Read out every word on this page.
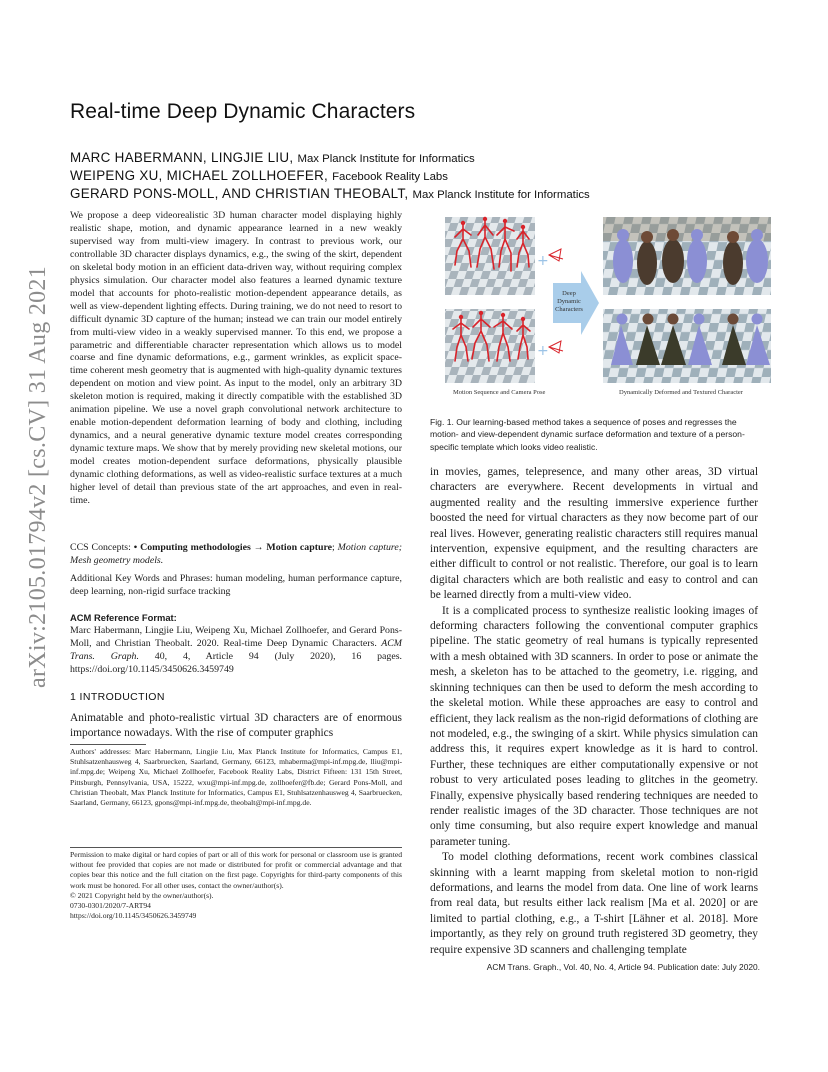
arXiv:2105.01794v2 [cs.CV] 31 Aug 2021
Real-time Deep Dynamic Characters
MARC HABERMANN, LINGJIE LIU, Max Planck Institute for Informatics
WEIPENG XU, MICHAEL ZOLLHOEFER, Facebook Reality Labs
GERARD PONS-MOLL, AND CHRISTIAN THEOBALT, Max Planck Institute for Informatics

We propose a deep videorealistic 3D human character model displaying highly realistic shape, motion, and dynamic appearance learned in a new weakly supervised way from multi-view imagery. In contrast to previous work, our controllable 3D character displays dynamics, e.g., the swing of the skirt, dependent on skeletal body motion in an efficient data-driven way, without requiring complex physics simulation. Our character model also features a learned dynamic texture model that accounts for photo-realistic motion-dependent appearance details, as well as view-dependent lighting effects. During training, we do not need to resort to difficult dynamic 3D capture of the human; instead we can train our model entirely from multi-view video in a weakly supervised manner. To this end, we propose a parametric and differentiable character representation which allows us to model coarse and fine dynamic deformations, e.g., garment wrinkles, as explicit space-time coherent mesh geometry that is augmented with high-quality dynamic textures dependent on motion and view point. As input to the model, only an arbitrary 3D skeleton motion is required, making it directly compatible with the established 3D animation pipeline. We use a novel graph convolutional network architecture to enable motion-dependent deformation learning of body and clothing, including dynamics, and a neural generative dynamic texture model creates corresponding dynamic texture maps. We show that by merely providing new skeletal motions, our model creates motion-dependent surface deformations, physically plausible dynamic clothing deformations, as well as video-realistic surface textures at a much higher level of detail than previous state of the art approaches, and even in real-time.

CCS Concepts: • Computing methodologies → Motion capture; Motion capture; Mesh geometry models.

Additional Key Words and Phrases: human modeling, human performance capture, deep learning, non-rigid surface tracking

ACM Reference Format:

Marc Habermann, Lingjie Liu, Weipeng Xu, Michael Zollhoefer, and Gerard Pons-Moll, and Christian Theobalt. 2020. Real-time Deep Dynamic Characters. ACM Trans. Graph. 40, 4, Article 94 (July 2020), 16 pages. https://doi.org/10.1145/3450626.3459749

1 INTRODUCTION

Animatable and photo-realistic virtual 3D characters are of enormous importance nowadays. With the rise of computer graphics

Authors' addresses: Marc Habermann, Lingjie Liu, Max Planck Institute for Informatics, Campus E1, Stuhlsatzenhausweg 4, Saarbruecken, Saarland, Germany, 66123, mhaberma@mpi-inf.mpg.de, lliu@mpi-inf.mpg.de; Weipeng Xu, Michael Zollhoefer, Facebook Reality Labs, District Fifteen: 131 15th Street, Pittsburgh, Pennsylvania, USA, 15222, wxu@mpi-inf.mpg.de, zollhoefer@fb.de; Gerard Pons-Moll, and Christian Theobalt, Max Planck Institute for Informatics, Campus E1, Stuhlsatzenhausweg 4, Saarbruecken, Saarland, Germany, 66123, gpons@mpi-inf.mpg.de, theobalt@mpi-inf.mpg.de.

Permission to make digital or hard copies of part or all of this work for personal or classroom use is granted without fee provided that copies are not made or distributed for profit or commercial advantage and that copies bear this notice and the full citation on the first page. Copyrights for third-party components of this work must be honored. For all other uses, contact the owner/author(s).

© 2021 Copyright held by the owner/author(s).

0730-0301/2020/7-ART94

https://doi.org/10.1145/3450626.3459749

+
+
Deep
Dynamic
Characters
Motion Sequence and Camera Pose	Dynamically Deformed and Textured Character
Fig. 1. Our learning-based method takes a sequence of poses and regresses the motion- and view-dependent dynamic surface deformation and texture of a person-specific template which looks video realistic.

in movies, games, telepresence, and many other areas, 3D virtual characters are everywhere. Recent developments in virtual and augmented reality and the resulting immersive experience further boosted the need for virtual characters as they now become part of our real lives. However, generating realistic characters still requires manual intervention, expensive equipment, and the resulting characters are either difficult to control or not realistic. Therefore, our goal is to learn digital characters which are both realistic and easy to control and can be learned directly from a multi-view video.

It is a complicated process to synthesize realistic looking images of deforming characters following the conventional computer graphics pipeline. The static geometry of real humans is typically represented with a mesh obtained with 3D scanners. In order to pose or animate the mesh, a skeleton has to be attached to the geometry, i.e. rigging, and skinning techniques can then be used to deform the mesh according to the skeletal motion. While these approaches are easy to control and efficient, they lack realism as the non-rigid deformations of clothing are not modeled, e.g., the swinging of a skirt. While physics simulation can address this, it requires expert knowledge as it is hard to control. Further, these techniques are either computationally expensive or not robust to very articulated poses leading to glitches in the geometry. Finally, expensive physically based rendering techniques are needed to render realistic images of the 3D character. Those techniques are not only time consuming, but also require expert knowledge and manual parameter tuning.

To model clothing deformations, recent work combines classical skinning with a learnt mapping from skeletal motion to non-rigid deformations, and learns the model from data. One line of work learns from real data, but results either lack realism [Ma et al. 2020] or are limited to partial clothing, e.g., a T-shirt [Lähner et al. 2018]. More importantly, as they rely on ground truth registered 3D geometry, they require expensive 3D scanners and challenging template

ACM Trans. Graph., Vol. 40, No. 4, Article 94. Publication date: July 2020.
